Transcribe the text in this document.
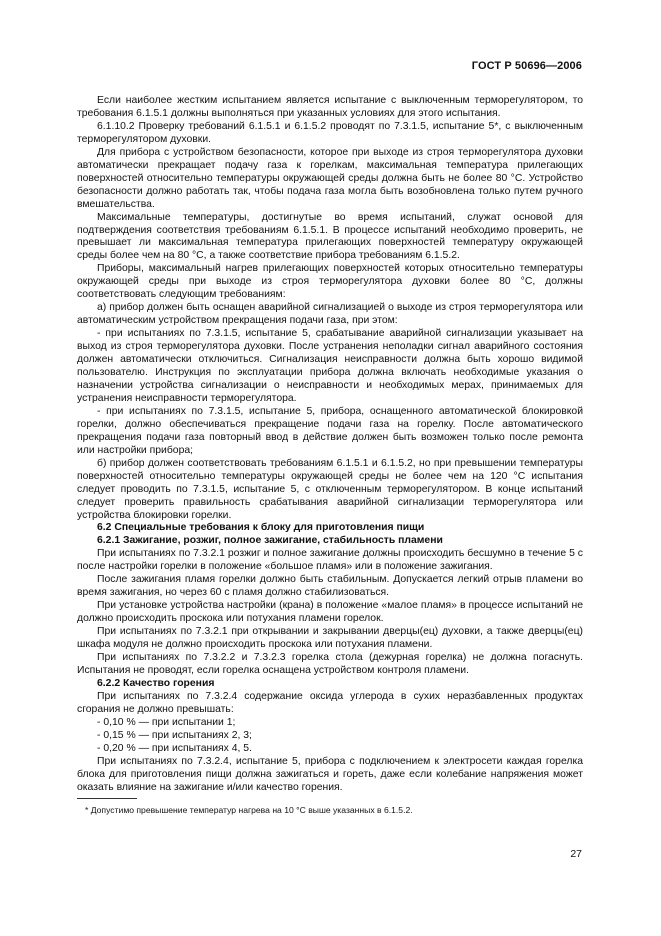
ГОСТ Р 50696—2006

Если наиболее жестким испытанием является испытание с выключенным терморегулятором, то требования 6.1.5.1 должны выполняться при указанных условиях для этого испытания.

6.1.10.2 Проверку требований 6.1.5.1 и 6.1.5.2 проводят по 7.3.1.5, испытание 5*, с выключенным терморегулятором духовки.

Для прибора с устройством безопасности, которое при выходе из строя терморегулятора духовки автоматически прекращает подачу газа к горелкам, максимальная температура прилегающих поверхностей относительно температуры окружающей среды должна быть не более 80 °С. Устройство безопасности должно работать так, чтобы подача газа могла быть возобновлена только путем ручного вмешательства.

Максимальные температуры, достигнутые во время испытаний, служат основой для подтверждения соответствия требованиям 6.1.5.1. В процессе испытаний необходимо проверить, не превышает ли максимальная температура прилегающих поверхностей температуру окружающей среды более чем на 80 °С, а также соответствие прибора требованиям 6.1.5.2.

Приборы, максимальный нагрев прилегающих поверхностей которых относительно температуры окружающей среды при выходе из строя терморегулятора духовки более 80 °С, должны соответствовать следующим требованиям:

а) прибор должен быть оснащен аварийной сигнализацией о выходе из строя терморегулятора или автоматическим устройством прекращения подачи газа, при этом:

- при испытаниях по 7.3.1.5, испытание 5, срабатывание аварийной сигнализации указывает на выход из строя терморегулятора духовки. После устранения неполадки сигнал аварийного состояния должен автоматически отключиться. Сигнализация неисправности должна быть хорошо видимой пользователю. Инструкция по эксплуатации прибора должна включать необходимые указания о назначении устройства сигнализации о неисправности и необходимых мерах, принимаемых для устранения неисправности терморегулятора.

- при испытаниях по 7.3.1.5, испытание 5, прибора, оснащенного автоматической блокировкой горелки, должно обеспечиваться прекращение подачи газа на горелку. После автоматического прекращения подачи газа повторный ввод в действие должен быть возможен только после ремонта или настройки прибора;

б) прибор должен соответствовать требованиям 6.1.5.1 и 6.1.5.2, но при превышении температуры поверхностей относительно температуры окружающей среды не более чем на 120 °С испытания следует проводить по 7.3.1.5, испытание 5, с отключенным терморегулятором. В конце испытаний следует проверить правильность срабатывания аварийной сигнализации терморегулятора или устройства блокировки горелки.

6.2 Специальные требования к блоку для приготовления пищи

6.2.1 Зажигание, розжиг, полное зажигание, стабильность пламени

При испытаниях по 7.3.2.1 розжиг и полное зажигание должны происходить бесшумно в течение 5 с после настройки горелки в положение «большое пламя» или в положение зажигания.

После зажигания пламя горелки должно быть стабильным. Допускается легкий отрыв пламени во время зажигания, но через 60 с пламя должно стабилизоваться.

При установке устройства настройки (крана) в положение «малое пламя» в процессе испытаний не должно происходить проскока или потухания пламени горелок.

При испытаниях по 7.3.2.1 при открывании и закрывании дверцы(ец) духовки, а также дверцы(ец) шкафа модуля не должно происходить проскока или потухания пламени.

При испытаниях по 7.3.2.2 и 7.3.2.3 горелка стола (дежурная горелка) не должна погаснуть. Испытания не проводят, если горелка оснащена устройством контроля пламени.

6.2.2 Качество горения

При испытаниях по 7.3.2.4 содержание оксида углерода в сухих неразбавленных продуктах сгорания не должно превышать:

- 0,10 % — при испытании 1;

- 0,15 % — при испытаниях 2, 3;

- 0,20 % — при испытаниях 4, 5.

При испытаниях по 7.3.2.4, испытание 5, прибора с подключением к электросети каждая горелка блока для приготовления пищи должна зажигаться и гореть, даже если колебание напряжения может оказать влияние на зажигание и/или качество горения.

* Допустимо превышение температур нагрева на 10 °С выше указанных в 6.1.5.2.
27
